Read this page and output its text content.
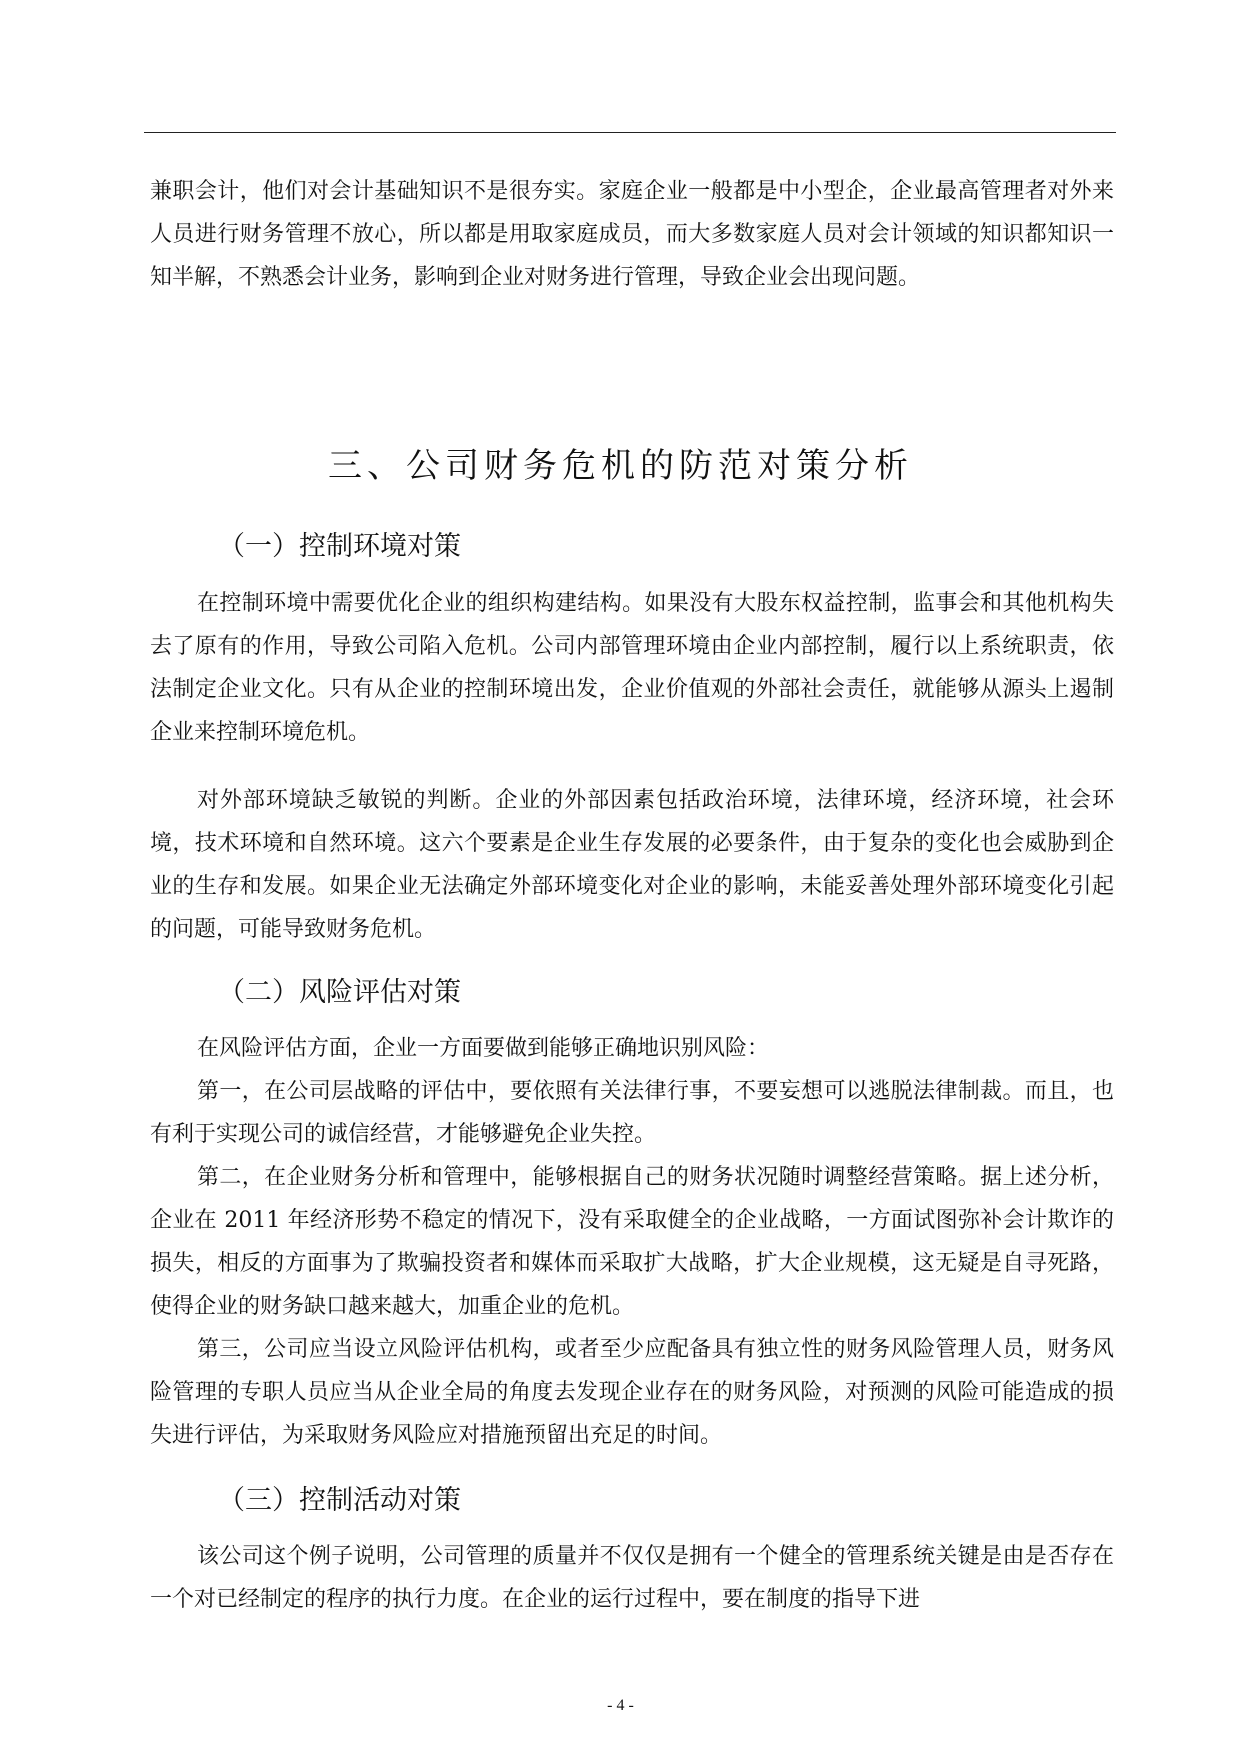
兼职会计，他们对会计基础知识不是很夯实。家庭企业一般都是中小型企，企业最高管理者对外来人员进行财务管理不放心，所以都是用取家庭成员，而大多数家庭人员对会计领域的知识都知识一知半解，不熟悉会计业务，影响到企业对财务进行管理，导致企业会出现问题。

三、公司财务危机的防范对策分析
（一）控制环境对策

在控制环境中需要优化企业的组织构建结构。如果没有大股东权益控制，监事会和其他机构失去了原有的作用，导致公司陷入危机。公司内部管理环境由企业内部控制，履行以上系统职责，依法制定企业文化。只有从企业的控制环境出发，企业价值观的外部社会责任，就能够从源头上遏制企业来控制环境危机。

对外部环境缺乏敏锐的判断。企业的外部因素包括政治环境，法律环境，经济环境，社会环境，技术环境和自然环境。这六个要素是企业生存发展的必要条件，由于复杂的变化也会威胁到企业的生存和发展。如果企业无法确定外部环境变化对企业的影响，未能妥善处理外部环境变化引起的问题，可能导致财务危机。

（二）风险评估对策

在风险评估方面，企业一方面要做到能够正确地识别风险：

第一，在公司层战略的评估中，要依照有关法律行事，不要妄想可以逃脱法律制裁。而且，也有利于实现公司的诚信经营，才能够避免企业失控。

第二，在企业财务分析和管理中，能够根据自己的财务状况随时调整经营策略。据上述分析，企业在 2011 年经济形势不稳定的情况下，没有采取健全的企业战略，一方面试图弥补会计欺诈的损失，相反的方面事为了欺骗投资者和媒体而采取扩大战略，扩大企业规模，这无疑是自寻死路，使得企业的财务缺口越来越大，加重企业的危机。

第三，公司应当设立风险评估机构，或者至少应配备具有独立性的财务风险管理人员，财务风险管理的专职人员应当从企业全局的角度去发现企业存在的财务风险，对预测的风险可能造成的损失进行评估，为采取财务风险应对措施预留出充足的时间。

（三）控制活动对策

该公司这个例子说明，公司管理的质量并不仅仅是拥有一个健全的管理系统关键是由是否存在一个对已经制定的程序的执行力度。在企业的运行过程中，要在制度的指导下进

- 4 -
